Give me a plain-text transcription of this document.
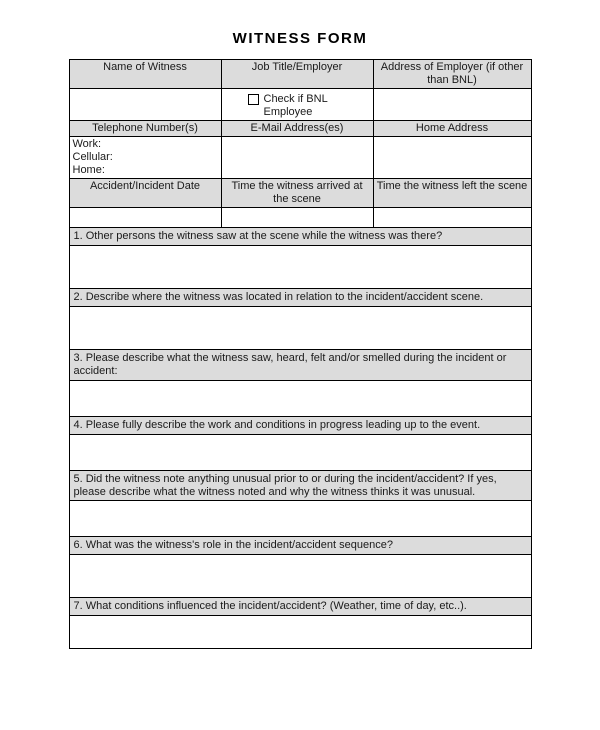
WITNESS FORM
Name of Witness	Job Title/Employer	Address of Employer (if other than BNL)
	Check if BNL Employee	
Telephone Number(s)	E-Mail Address(es)	Home Address

Work:
Cellular:
Home:		

Accident/Incident Date	Time the witness arrived at the scene	Time the witness left the scene

1. Other persons the witness saw at the scene while the witness was there?		

2. Describe where the witness was located in relation to the incident/accident scene.		

3. Please describe what the witness saw, heard, felt and/or smelled during the incident or accident:		

4. Please fully describe the work and conditions in progress leading up to the event.		

5. Did the witness note anything unusual prior to or during the incident/accident? If yes, please describe what the witness noted and why the witness thinks it was unusual.		

6. What was the witness's role in the incident/accident sequence?		

7. What conditions influenced the incident/accident? (Weather, time of day, etc..).		
